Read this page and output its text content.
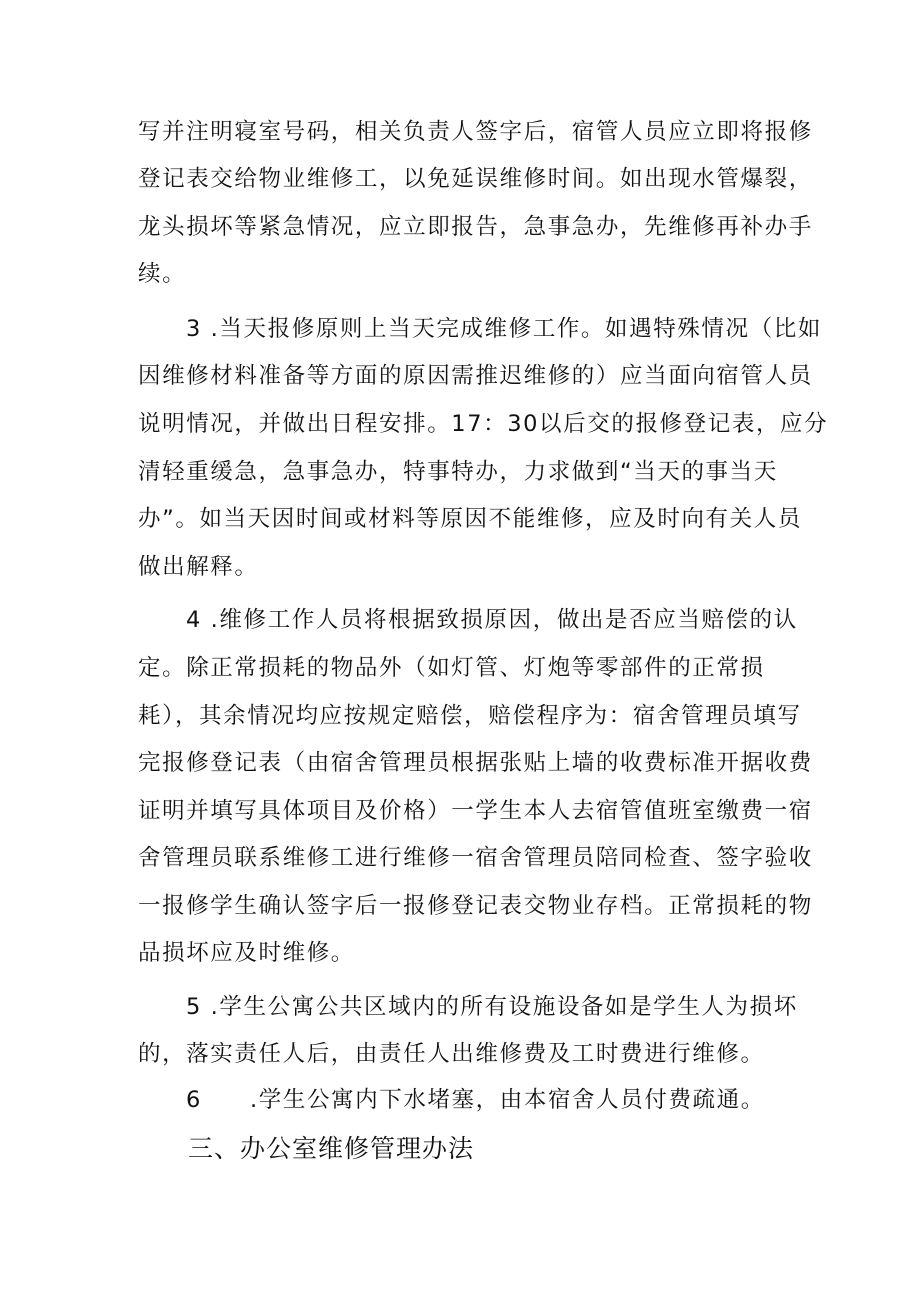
写并注明寝室号码，相关负责人签字后，宿管人员应立即将报修
登记表交给物业维修工，以免延误维修时间。如出现水管爆裂，
龙头损坏等紧急情况，应立即报告，急事急办，先维修再补办手
续。
3 .当天报修原则上当天完成维修工作。如遇特殊情况（比如
因维修材料准备等方面的原因需推迟维修的）应当面向宿管人员
说明情况，并做出日程安排。17：30以后交的报修登记表，应分
清轻重缓急，急事急办，特事特办，力求做到“当天的事当天
办”。如当天因时间或材料等原因不能维修，应及时向有关人员
做出解释。
4 .维修工作人员将根据致损原因，做出是否应当赔偿的认
定。除正常损耗的物品外（如灯管、灯炮等零部件的正常损
耗），其余情况均应按规定赔偿，赔偿程序为：宿舍管理员填写
完报修登记表（由宿舍管理员根据张贴上墙的收费标准开据收费
证明并填写具体项目及价格）一学生本人去宿管值班室缴费一宿
舍管理员联系维修工进行维修一宿舍管理员陪同检查、签字验收
一报修学生确认签字后一报修登记表交物业存档。正常损耗的物
品损坏应及时维修。
5 .学生公寓公共区域内的所有设施设备如是学生人为损坏
的，落实责任人后，由责任人出维修费及工时费进行维修。
6 .学生公寓内下水堵塞，由本宿舍人员付费疏通。
三、办公室维修管理办法
